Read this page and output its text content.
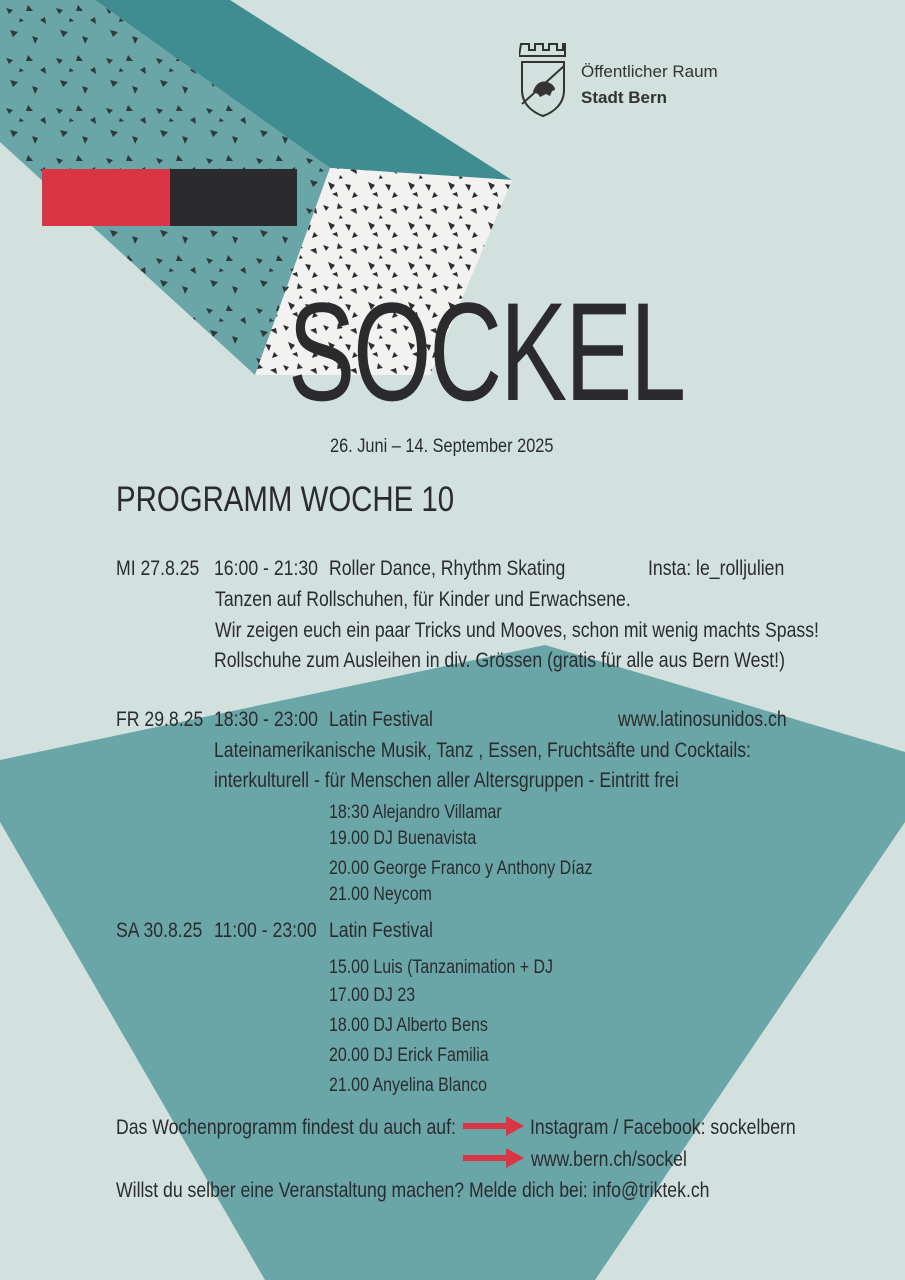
Öffentlicher Raum
Stadt Bern
SOCKEL
26. Juni – 14. September 2025
PROGRAMM WOCHE 10
MI 27.8.25 16:00 - 21:30 Roller Dance, Rhythm Skating	Insta: le_rolljulien
Tanzen auf Rollschuhen, für Kinder und Erwachsene.
Wir zeigen euch ein paar Tricks und Mooves, schon mit wenig machts Spass!
Rollschuhe zum Ausleihen in div. Grössen (gratis für alle aus Bern West!)
FR 29.8.25 18:30 - 23:00 Latin Festival	www.latinosunidos.ch
Lateinamerikanische Musik, Tanz , Essen, Fruchtsäfte und Cocktails:
interkulturell - für Menschen aller Altersgruppen - Eintritt frei
18:30 Alejandro Villamar
19.00 DJ Buenavista
20.00 George Franco y Anthony Díaz
21.00 Neycom
SA 30.8.25 11:00 - 23:00 Latin Festival
15.00 Luis (Tanzanimation + DJ
17.00 DJ 23
18.00 DJ Alberto Bens
20.00 DJ Erick Familia
21.00 Anyelina Blanco
Das Wochenprogramm findest du auch auf:	Instagram / Facebook: sockelbern
www.bern.ch/sockel
Willst du selber eine Veranstaltung machen? Melde dich bei: info@triktek.ch
